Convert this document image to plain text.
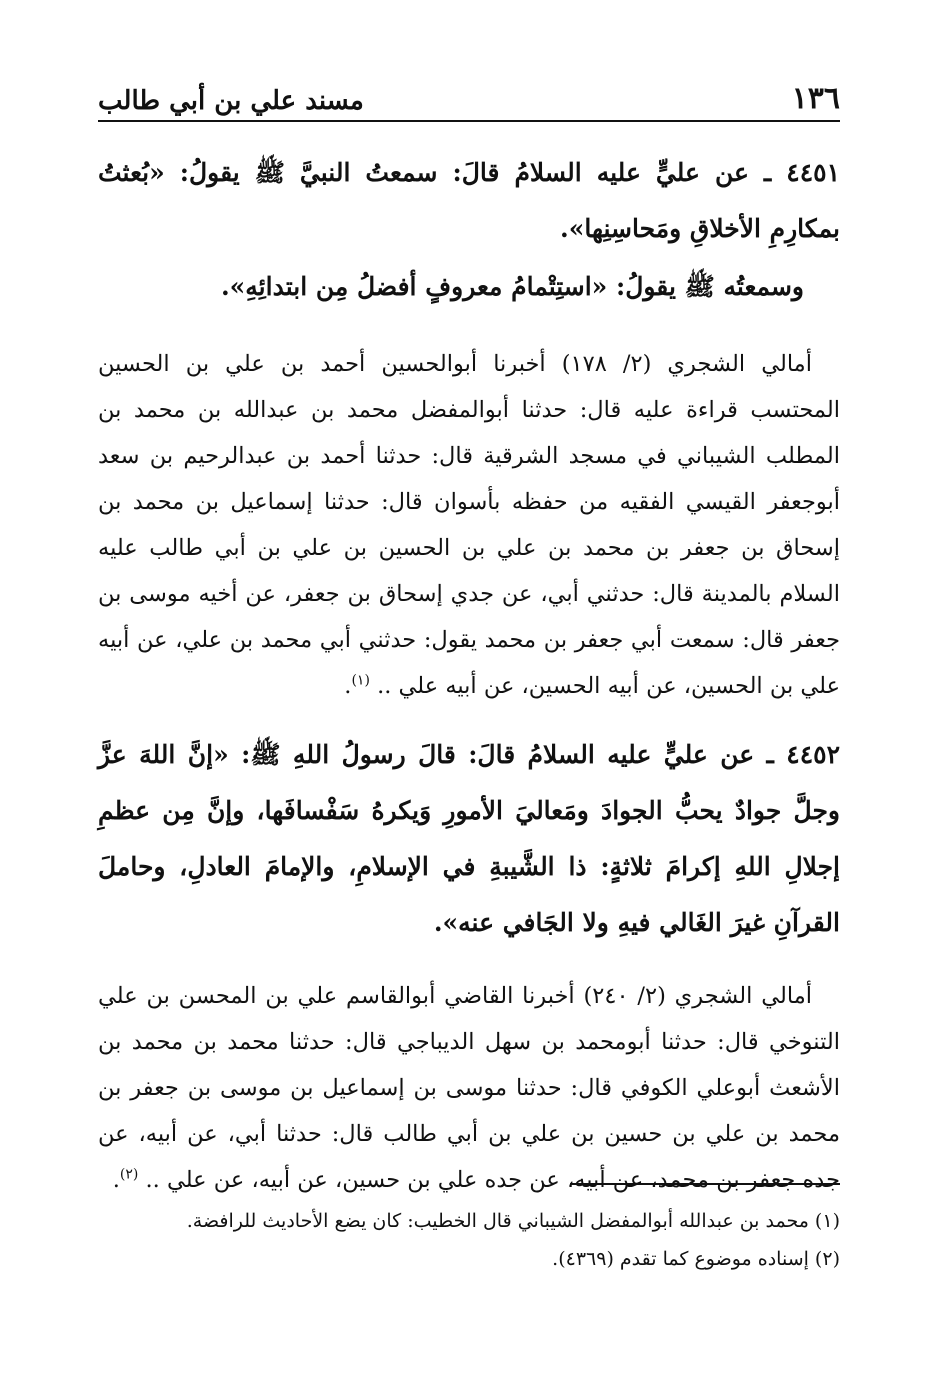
١٣٦
مسند علي بن أبي طالب

٤٤٥١ ـ عن عليٍّ عليه السلامُ قالَ: سمعتُ النبيَّ ﷺ يقولُ: «بُعثتُ بمكارِمِ الأخلاقِ ومَحاسِنِها».

وسمعتُه ﷺ يقولُ: «استِتْمامُ معروفٍ أفضلُ مِن ابتدائِهِ».

أمالي الشجري (٢/ ١٧٨) أخبرنا أبوالحسين أحمد بن علي بن الحسين المحتسب قراءة عليه قال: حدثنا أبوالمفضل محمد بن عبدالله بن محمد بن المطلب الشيباني في مسجد الشرقية قال: حدثنا أحمد بن عبدالرحيم بن سعد أبوجعفر القيسي الفقيه من حفظه بأسوان قال: حدثنا إسماعيل بن محمد بن إسحاق بن جعفر بن محمد بن علي بن الحسين بن علي بن أبي طالب عليه السلام بالمدينة قال: حدثني أبي، عن جدي إسحاق بن جعفر، عن أخيه موسى بن جعفر قال: سمعت أبي جعفر بن محمد يقول: حدثني أبي محمد بن علي، عن أبيه علي بن الحسين، عن أبيه الحسين، عن أبيه علي .. $^{(١)}$.

٤٤٥٢ ـ عن عليٍّ عليه السلامُ قالَ: قالَ رسولُ اللهِ ﷺ: «إنَّ اللهَ عزَّ وجلَّ جوادٌ يحبُّ الجوادَ ومَعاليَ الأمورِ وَيكرهُ سَفْسافَها، وإنَّ مِن عظمِ إجلالِ اللهِ إكرامَ ثلاثةٍ: ذا الشَّيبةِ في الإسلامِ، والإمامَ العادلِ، وحاملَ القرآنِ غيرَ الغَالي فيهِ ولا الجَافي عنه».

أمالي الشجري (٢/ ٢٤٠) أخبرنا القاضي أبوالقاسم علي بن المحسن بن علي التنوخي قال: حدثنا أبومحمد بن سهل الديباجي قال: حدثنا محمد بن محمد بن الأشعث أبوعلي الكوفي قال: حدثنا موسى بن إسماعيل بن موسى بن جعفر بن محمد بن علي بن حسين بن علي بن أبي طالب قال: حدثنا أبي، عن أبيه، عن جده جعفر بن محمد، عن أبيه، عن جده علي بن حسين، عن أبيه، عن علي .. $^{(٢)}$.

(١) محمد بن عبدالله أبوالمفضل الشيباني قال الخطيب: كان يضع الأحاديث للرافضة.

(٢) إسناده موضوع كما تقدم (٤٣٦٩).
